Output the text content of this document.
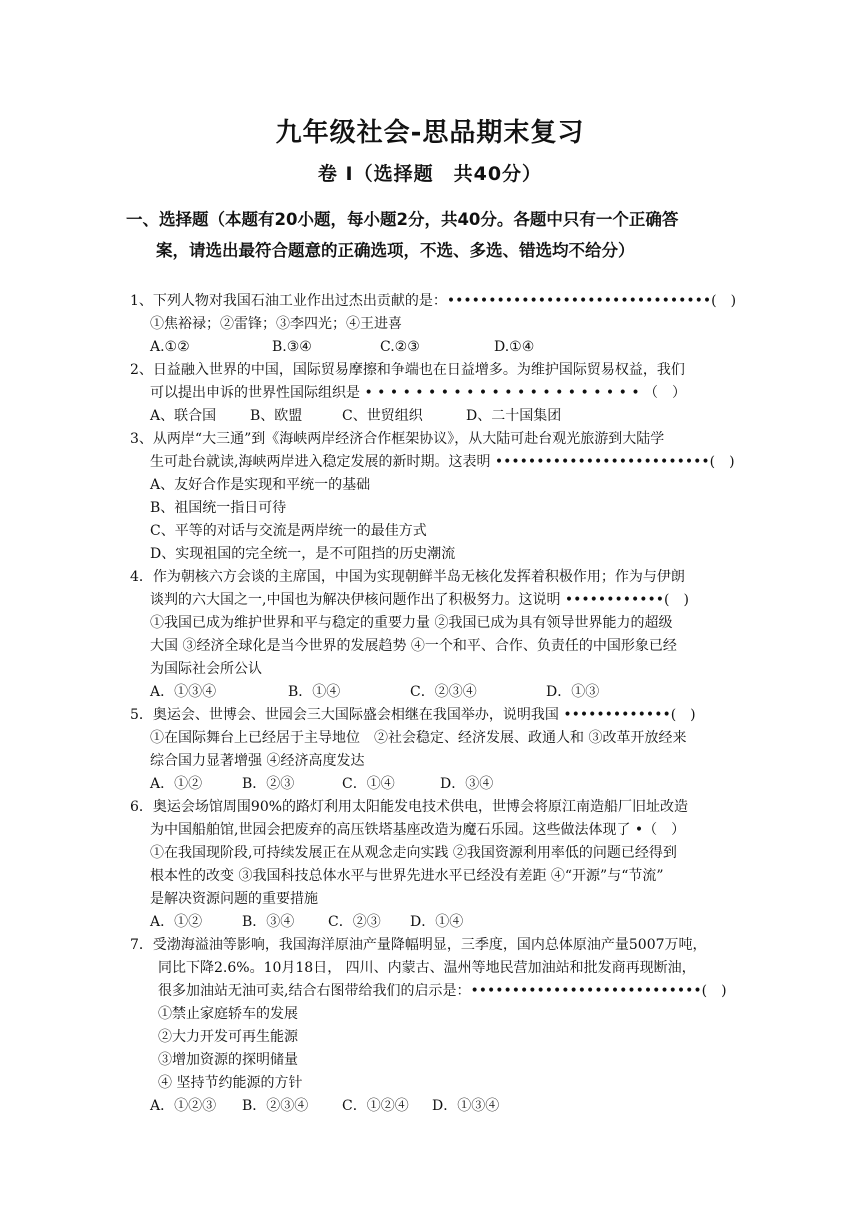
九年级社会-思品期末复习
卷 Ⅰ（选择题　共40分）
一、选择题（本题有20小题，每小题2分，共40分。各题中只有一个正确答
案，请选出最符合题意的正确选项，不选、多选、错选均不给分）
1、下列人物对我国石油工业作出过杰出贡献的是：••••••••••••••••••••••••••••••••(　)
①焦裕禄；②雷锋；③李四光；④王进喜
A.①②	B.③④	C.②③	D.①④
2、日益融入世界的中国，国际贸易摩擦和争端也在日益增多。为维护国际贸易权益，我们
可以提出申诉的世界性国际组织是 • • • • • • • • • • • • • • • • • • • • • • （　）
A、联合国 B、欧盟	C、世贸组织	D、二十国集团
3、从两岸“大三通”到《海峡两岸经济合作框架协议》，从大陆可赴台观光旅游到大陆学
生可赴台就读,海峡两岸进入稳定发展的新时期。这表明 ••••••••••••••••••••••••••(　)
A、友好合作是实现和平统一的基础
B、祖国统一指日可待
C、平等的对话与交流是两岸统一的最佳方式
D、实现祖国的完全统一，是不可阻挡的历史潮流
4．作为朝核六方会谈的主席国，中国为实现朝鲜半岛无核化发挥着积极作用；作为与伊朗
谈判的六大国之一,中国也为解决伊核问题作出了积极努力。这说明 ••••••••••••(　)
①我国已成为维护世界和平与稳定的重要力量 ②我国已成为具有领导世界能力的超级
大国 ③经济全球化是当今世界的发展趋势 ④一个和平、合作、负责任的中国形象已经
为国际社会所公认
A．①③④	B．①④	C．②③④	D．①③
5．奥运会、世博会、世园会三大国际盛会相继在我国举办，说明我国 •••••••••••••(　)
①在国际舞台上已经居于主导地位　②社会稳定、经济发展、政通人和 ③改革开放经来
综合国力显著增强 ④经济高度发达
A．①②	B．②③	C．①④	D．③④
6．奥运会场馆周围90%的路灯利用太阳能发电技术供电，世博会将原江南造船厂旧址改造
为中国船舶馆,世园会把废弃的高压铁塔基座改造为魔石乐园。这些做法体现了 •（　）
①在我国现阶段,可持续发展正在从观念走向实践 ②我国资源利用率低的问题已经得到
根本性的改变 ③我国科技总体水平与世界先进水平已经没有差距 ④“开源”与“节流”
是解决资源问题的重要措施
A．①②	B．③④ C．②③ D．①④
7．受渤海溢油等影响，我国海洋原油产量降幅明显，三季度，国内总体原油产量5007万吨，
同比下降2.6%。10月18日， 四川、内蒙古、温州等地民营加油站和批发商再现断油，
很多加油站无油可卖,结合右图带给我们的启示是：••••••••••••••••••••••••••••(　)
①禁止家庭轿车的发展
②大力开发可再生能源
③增加资源的探明储量
④ 坚持节约能源的方针
A．①②③ B．②③④ C．①②④ D．①③④
